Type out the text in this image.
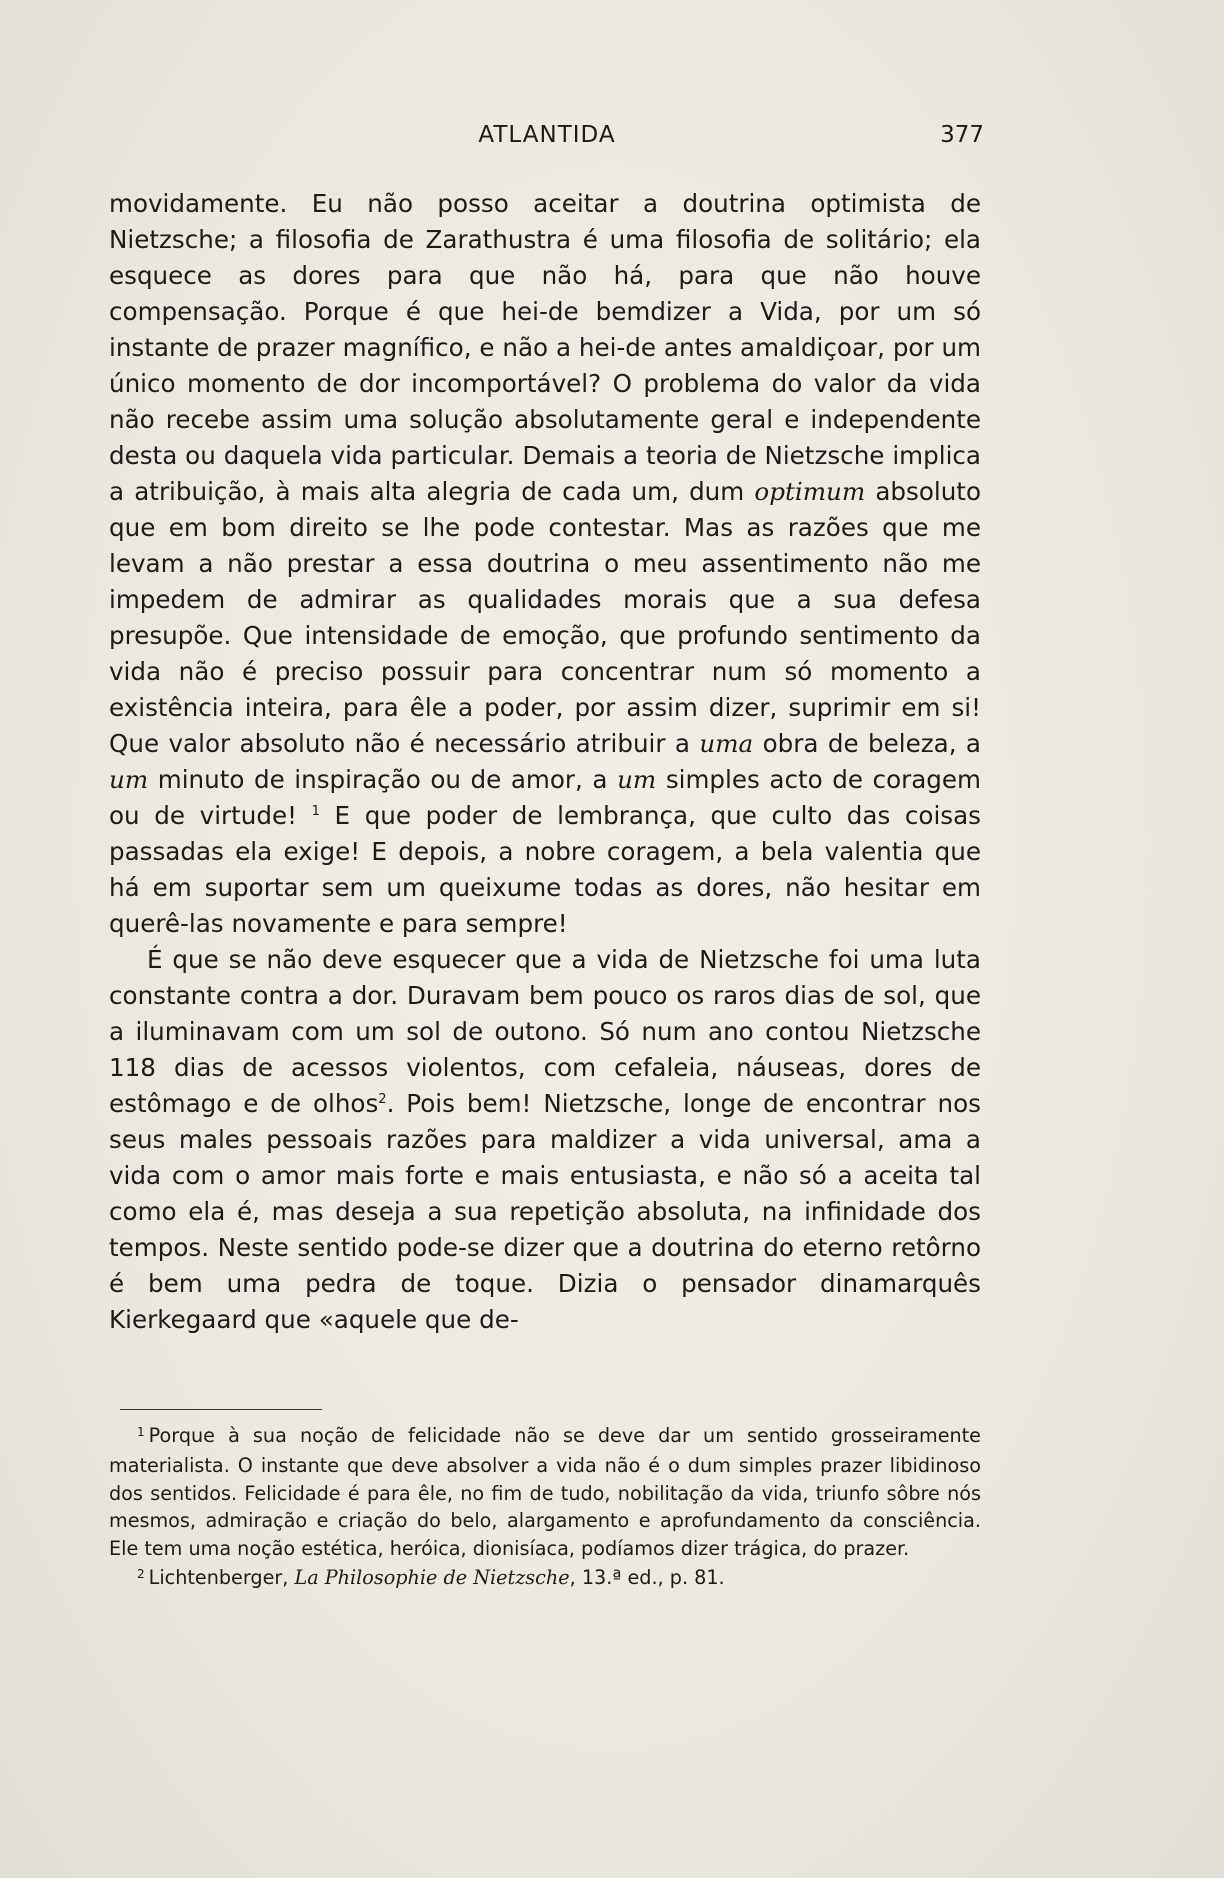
ATLANTIDA	377

movidamente. Eu não posso aceitar a doutrina optimista de Nietzsche; a filosofia de Zarathustra é uma filosofia de solitário; ela esquece as dores para que não há, para que não houve compensação. Porque é que hei-de bemdizer a Vida, por um só instante de prazer magnífico, e não a hei-de antes amaldiçoar, por um único momento de dor incomportável? O problema do valor da vida não recebe assim uma solução absolutamente geral e independente desta ou daquela vida particular. Demais a teoria de Nietzsche implica a atribuição, à mais alta alegria de cada um, dum optimum absoluto que em bom direito se lhe pode contestar. Mas as razões que me levam a não prestar a essa doutrina o meu assentimento não me impedem de admirar as qualidades morais que a sua defesa presupõe. Que intensidade de emoção, que profundo sentimento da vida não é preciso possuir para concentrar num só momento a existência inteira, para êle a poder, por assim dizer, suprimir em si! Que valor absoluto não é necessário atribuir a uma obra de beleza, a um minuto de inspiração ou de amor, a um simples acto de coragem ou de virtude! $^1$ E que poder de lembrança, que culto das coisas passadas ela exige! E depois, a nobre coragem, a bela valentia que há em suportar sem um queixume todas as dores, não hesitar em querê-las novamente e para sempre!

É que se não deve esquecer que a vida de Nietzsche foi uma luta constante contra a dor. Duravam bem pouco os raros dias de sol, que a iluminavam com um sol de outono. Só num ano contou Nietzsche 118 dias de acessos violentos, com cefaleia, náuseas, dores de estômago e de olhos$^2$. Pois bem! Nietzsche, longe de encontrar nos seus males pessoais razões para maldizer a vida universal, ama a vida com o amor mais forte e mais entusiasta, e não só a aceita tal como ela é, mas deseja a sua repetição absoluta, na infinidade dos tempos. Neste sentido pode-se dizer que a doutrina do eterno retôrno é bem uma pedra de toque. Dizia o pensador dinamarquês Kierkegaard que «aquele que de-

$^1$ Porque à sua noção de felicidade não se deve dar um sentido grosseiramente materialista. O instante que deve absolver a vida não é o dum simples prazer libidinoso dos sentidos. Felicidade é para êle, no fim de tudo, nobilitação da vida, triunfo sôbre nós mesmos, admiração e criação do belo, alargamento e aprofundamento da consciência. Ele tem uma noção estética, heróica, dionisíaca, podíamos dizer trágica, do prazer.

$^2$ Lichtenberger, La Philosophie de Nietzsche, 13.ª ed., p. 81.
